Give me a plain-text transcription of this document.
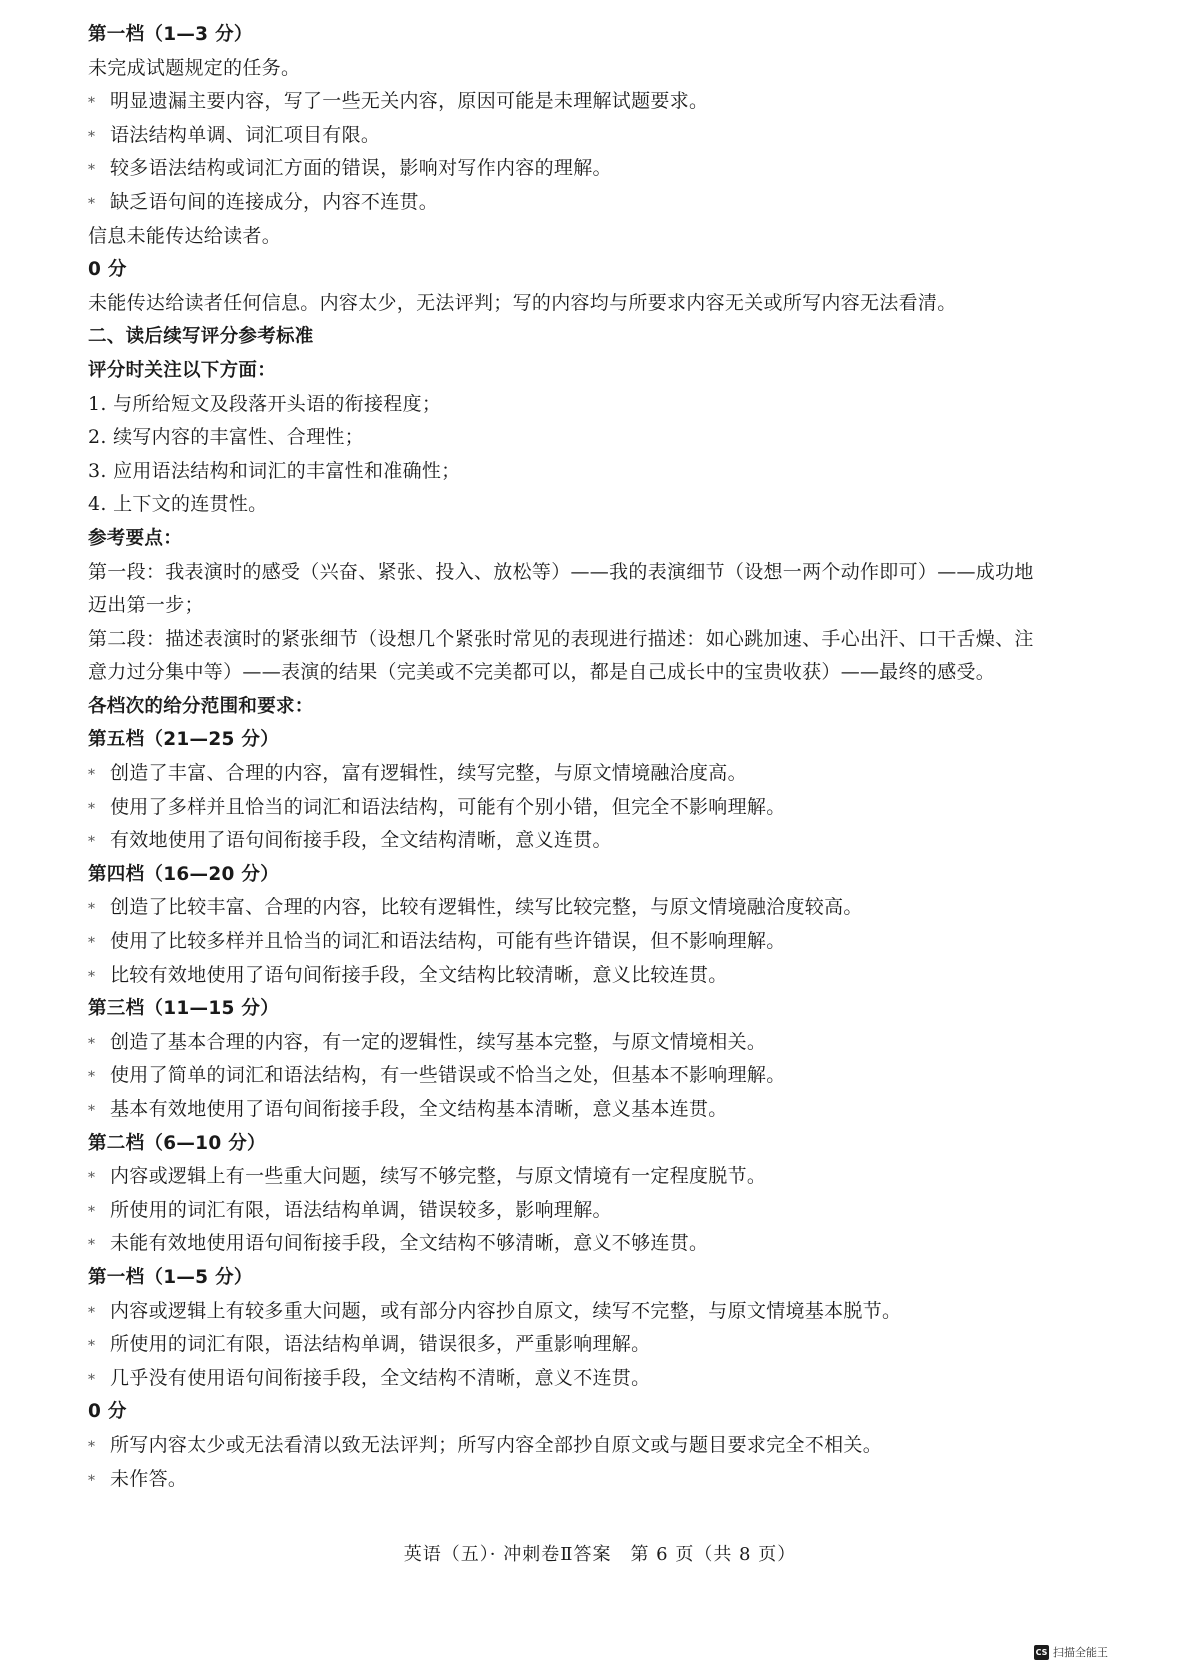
第一档（1—3 分）
未完成试题规定的任务。
* 明显遗漏主要内容，写了一些无关内容，原因可能是未理解试题要求。
* 语法结构单调、词汇项目有限。
* 较多语法结构或词汇方面的错误，影响对写作内容的理解。
* 缺乏语句间的连接成分，内容不连贯。
信息未能传达给读者。
0 分
未能传达给读者任何信息。内容太少，无法评判；写的内容均与所要求内容无关或所写内容无法看清。
二、读后续写评分参考标准
评分时关注以下方面：
1. 与所给短文及段落开头语的衔接程度；
2. 续写内容的丰富性、合理性；
3. 应用语法结构和词汇的丰富性和准确性；
4. 上下文的连贯性。
参考要点：
第一段：我表演时的感受（兴奋、紧张、投入、放松等）——我的表演细节（设想一两个动作即可）——成功地
迈出第一步；
第二段：描述表演时的紧张细节（设想几个紧张时常见的表现进行描述：如心跳加速、手心出汗、口干舌燥、注
意力过分集中等）——表演的结果（完美或不完美都可以，都是自己成长中的宝贵收获）——最终的感受。
各档次的给分范围和要求：
第五档（21—25 分）
* 创造了丰富、合理的内容，富有逻辑性，续写完整，与原文情境融洽度高。
* 使用了多样并且恰当的词汇和语法结构，可能有个别小错，但完全不影响理解。
* 有效地使用了语句间衔接手段，全文结构清晰，意义连贯。
第四档（16—20 分）
* 创造了比较丰富、合理的内容，比较有逻辑性，续写比较完整，与原文情境融洽度较高。
* 使用了比较多样并且恰当的词汇和语法结构，可能有些许错误，但不影响理解。
* 比较有效地使用了语句间衔接手段，全文结构比较清晰，意义比较连贯。
第三档（11—15 分）
* 创造了基本合理的内容，有一定的逻辑性，续写基本完整，与原文情境相关。
* 使用了简单的词汇和语法结构，有一些错误或不恰当之处，但基本不影响理解。
* 基本有效地使用了语句间衔接手段，全文结构基本清晰，意义基本连贯。
第二档（6—10 分）
* 内容或逻辑上有一些重大问题，续写不够完整，与原文情境有一定程度脱节。
* 所使用的词汇有限，语法结构单调，错误较多，影响理解。
* 未能有效地使用语句间衔接手段，全文结构不够清晰，意义不够连贯。
第一档（1—5 分）
* 内容或逻辑上有较多重大问题，或有部分内容抄自原文，续写不完整，与原文情境基本脱节。
* 所使用的词汇有限，语法结构单调，错误很多，严重影响理解。
* 几乎没有使用语句间衔接手段，全文结构不清晰，意义不连贯。
0 分
* 所写内容太少或无法看清以致无法评判；所写内容全部抄自原文或与题目要求完全不相关。
* 未作答。
英语（五）· 冲刺卷Ⅱ答案　第 6 页（共 8 页）
CS 扫描全能王
